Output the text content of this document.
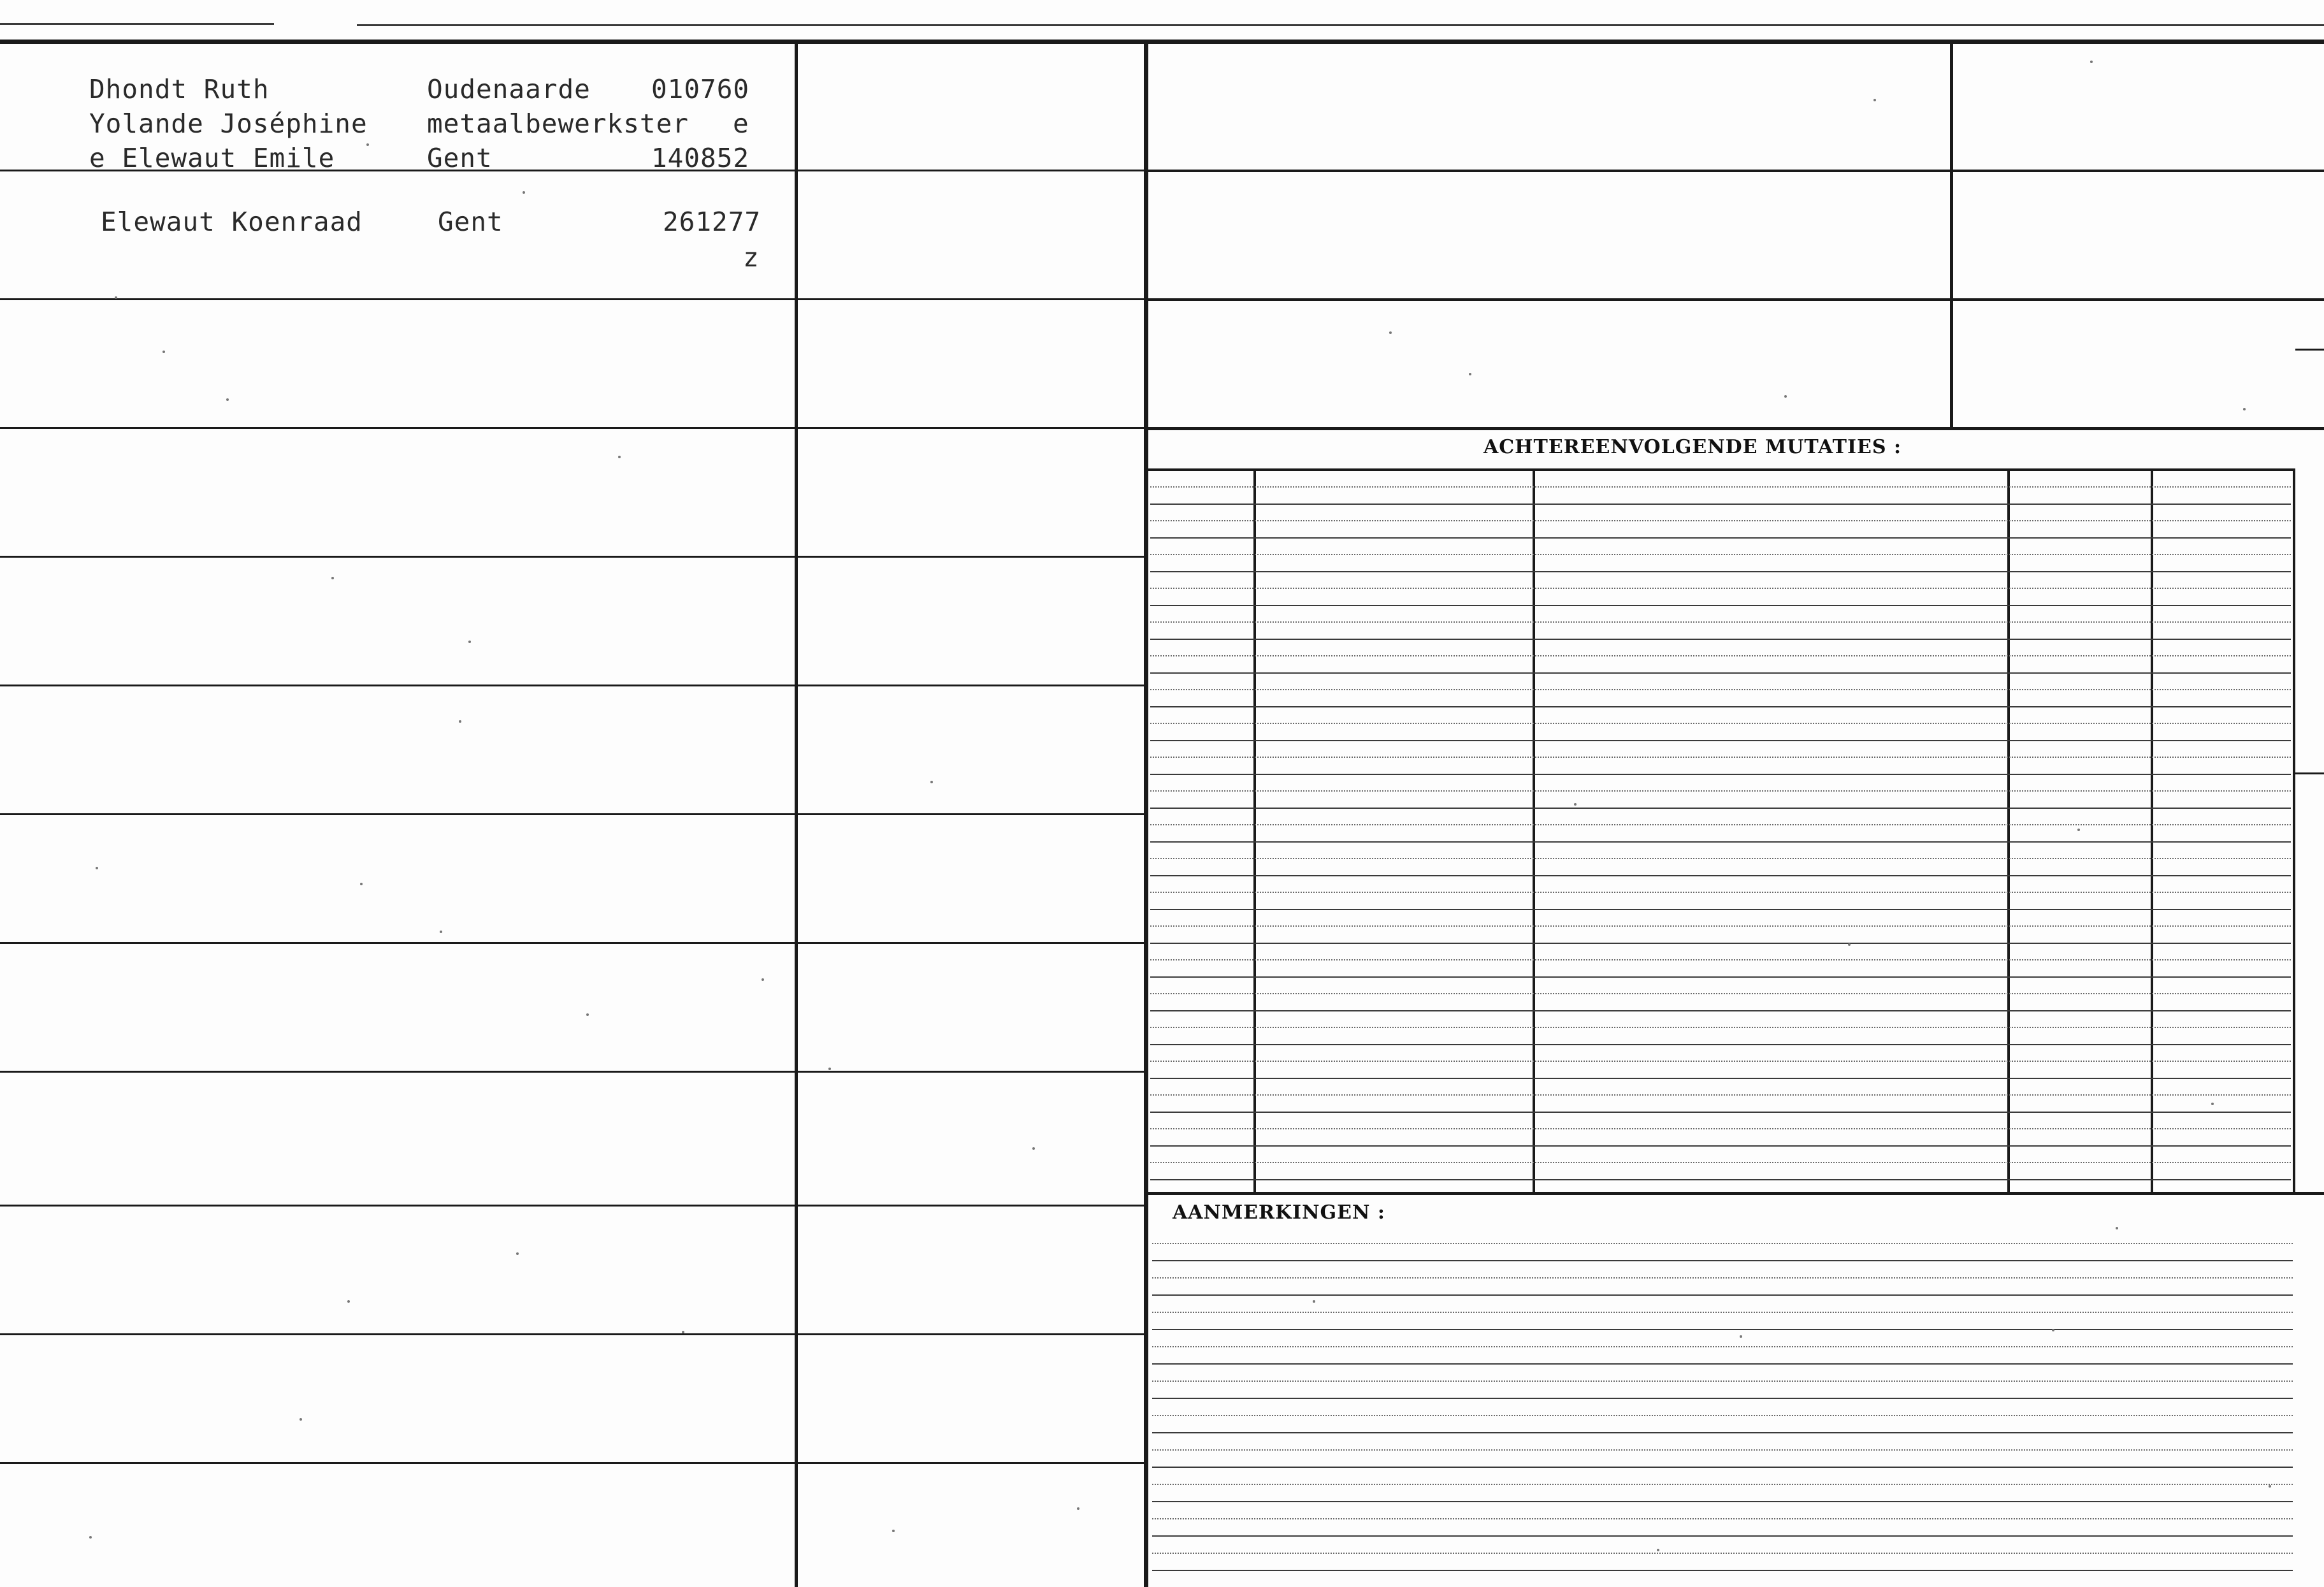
Dhondt Ruth
Yolande Joséphine
e Elewaut Emile
Oudenaarde
metaalbewerkster
Gent
010760
e
140852
Elewaut Koenraad	Gent	261277
z
ACHTEREENVOLGENDE MUTATIES :
AANMERKINGEN :
